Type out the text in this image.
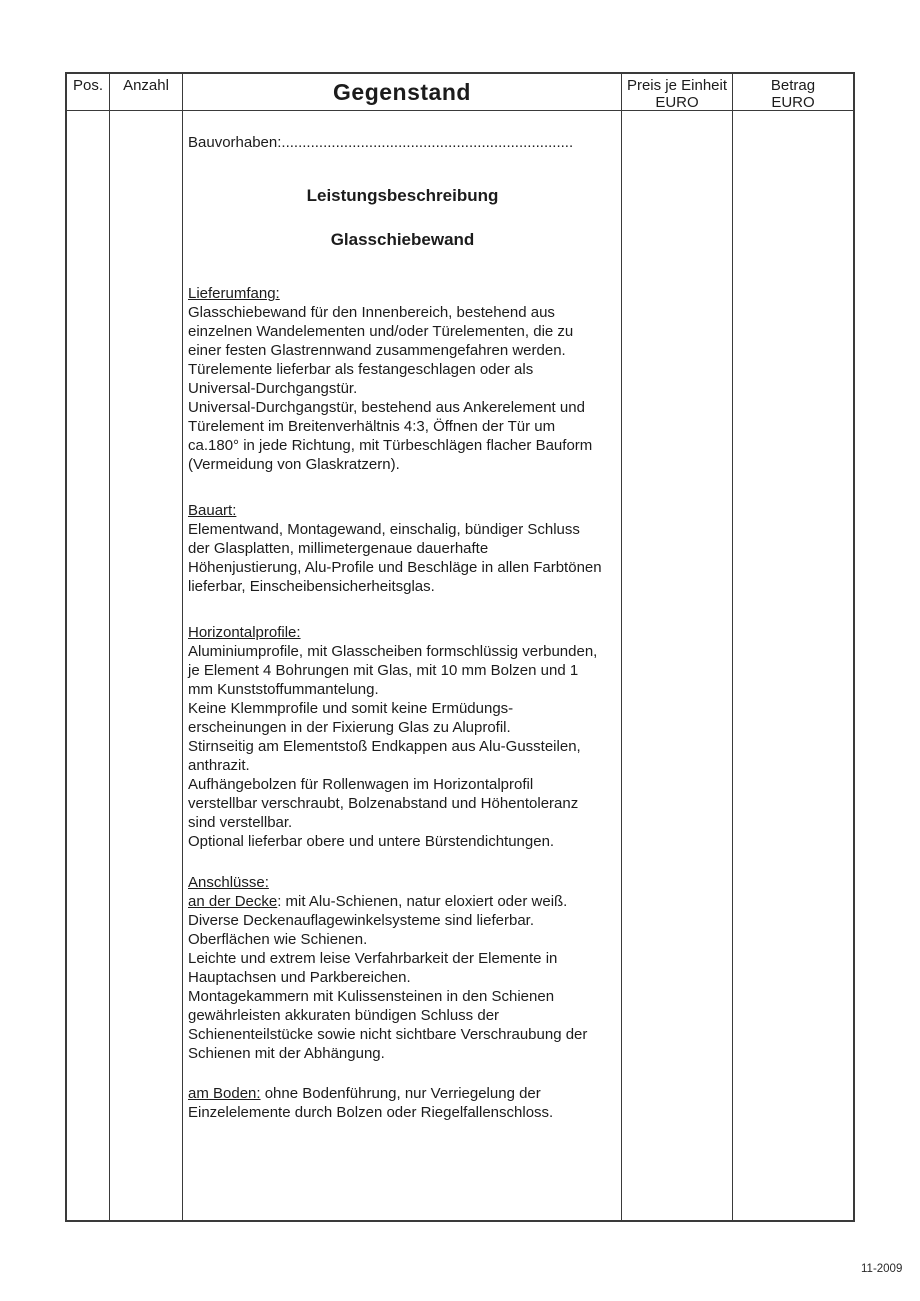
Pos. Anzahl	Gegenstand	Preis je Einheit
EURO
Betrag
EURO
Bauvorhaben:......................................................................
Leistungsbeschreibung
Glasschiebewand
Lieferumfang:
Glasschiebewand für den Innenbereich, bestehend aus
einzelnen Wandelementen und/oder Türelementen, die zu
einer festen Glastrennwand zusammengefahren werden.
Türelemente lieferbar als festangeschlagen oder als
Universal-Durchgangstür.
Universal-Durchgangstür, bestehend aus Ankerelement und
Türelement im Breitenverhältnis 4:3, Öffnen der Tür um
ca.180° in jede Richtung, mit Türbeschlägen flacher Bauform
(Vermeidung von Glaskratzern).
Bauart:
Elementwand, Montagewand, einschalig, bündiger Schluss
der Glasplatten, millimetergenaue dauerhafte
Höhenjustierung, Alu-Profile und Beschläge in allen Farbtönen
lieferbar, Einscheibensicherheitsglas.
Horizontalprofile:
Aluminiumprofile, mit Glasscheiben formschlüssig verbunden,
je Element 4 Bohrungen mit Glas, mit 10 mm Bolzen und 1
mm Kunststoffummantelung.
Keine Klemmprofile und somit keine Ermüdungs-
erscheinungen in der Fixierung Glas zu Aluprofil.
Stirnseitig am Elementstoß Endkappen aus Alu-Gussteilen,
anthrazit.
Aufhängebolzen für Rollenwagen im Horizontalprofil
verstellbar verschraubt, Bolzenabstand und Höhentoleranz
sind verstellbar.
Optional lieferbar obere und untere Bürstendichtungen.
Anschlüsse:
an der Decke: mit Alu-Schienen, natur eloxiert oder weiß.
Diverse Deckenauflagewinkelsysteme sind lieferbar.
Oberflächen wie Schienen.
Leichte und extrem leise Verfahrbarkeit der Elemente in
Hauptachsen und Parkbereichen.
Montagekammern mit Kulissensteinen in den Schienen
gewährleisten akkuraten bündigen Schluss der
Schienenteilstücke sowie nicht sichtbare Verschraubung der
Schienen mit der Abhängung.
am Boden: ohne Bodenführung, nur Verriegelung der
Einzelelemente durch Bolzen oder Riegelfallenschloss.
11-2009
